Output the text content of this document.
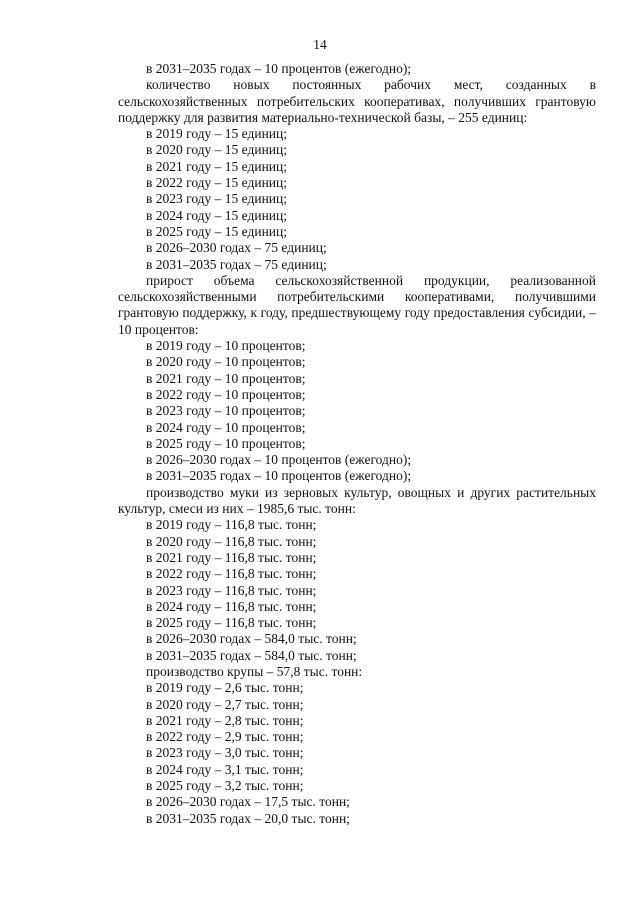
14
в 2031–2035 годах – 10 процентов (ежегодно);

количество новых постоянных рабочих мест, созданных в сельскохозяйственных потребительских кооперативах, получивших грантовую поддержку для развития материально-технической базы, – 255 единиц:

в 2019 году – 15 единиц;
в 2020 году – 15 единиц;
в 2021 году – 15 единиц;
в 2022 году – 15 единиц;
в 2023 году – 15 единиц;
в 2024 году – 15 единиц;
в 2025 году – 15 единиц;
в 2026–2030 годах – 75 единиц;
в 2031–2035 годах – 75 единиц;

прирост объема сельскохозяйственной продукции, реализованной сельскохозяйственными потребительскими кооперативами, получившими грантовую поддержку, к году, предшествующему году предоставления субсидии, – 10 процентов:

в 2019 году – 10 процентов;
в 2020 году – 10 процентов;
в 2021 году – 10 процентов;
в 2022 году – 10 процентов;
в 2023 году – 10 процентов;
в 2024 году – 10 процентов;
в 2025 году – 10 процентов;
в 2026–2030 годах – 10 процентов (ежегодно);
в 2031–2035 годах – 10 процентов (ежегодно);

производство муки из зерновых культур, овощных и других растительных культур, смеси из них – 1985,6 тыс. тонн:

в 2019 году – 116,8 тыс. тонн;
в 2020 году – 116,8 тыс. тонн;
в 2021 году – 116,8 тыс. тонн;
в 2022 году – 116,8 тыс. тонн;
в 2023 году – 116,8 тыс. тонн;
в 2024 году – 116,8 тыс. тонн;
в 2025 году – 116,8 тыс. тонн;
в 2026–2030 годах – 584,0 тыс. тонн;
в 2031–2035 годах – 584,0 тыс. тонн;
производство крупы – 57,8 тыс. тонн:
в 2019 году – 2,6 тыс. тонн;
в 2020 году – 2,7 тыс. тонн;
в 2021 году – 2,8 тыс. тонн;
в 2022 году – 2,9 тыс. тонн;
в 2023 году – 3,0 тыс. тонн;
в 2024 году – 3,1 тыс. тонн;
в 2025 году – 3,2 тыс. тонн;
в 2026–2030 годах – 17,5 тыс. тонн;
в 2031–2035 годах – 20,0 тыс. тонн;
